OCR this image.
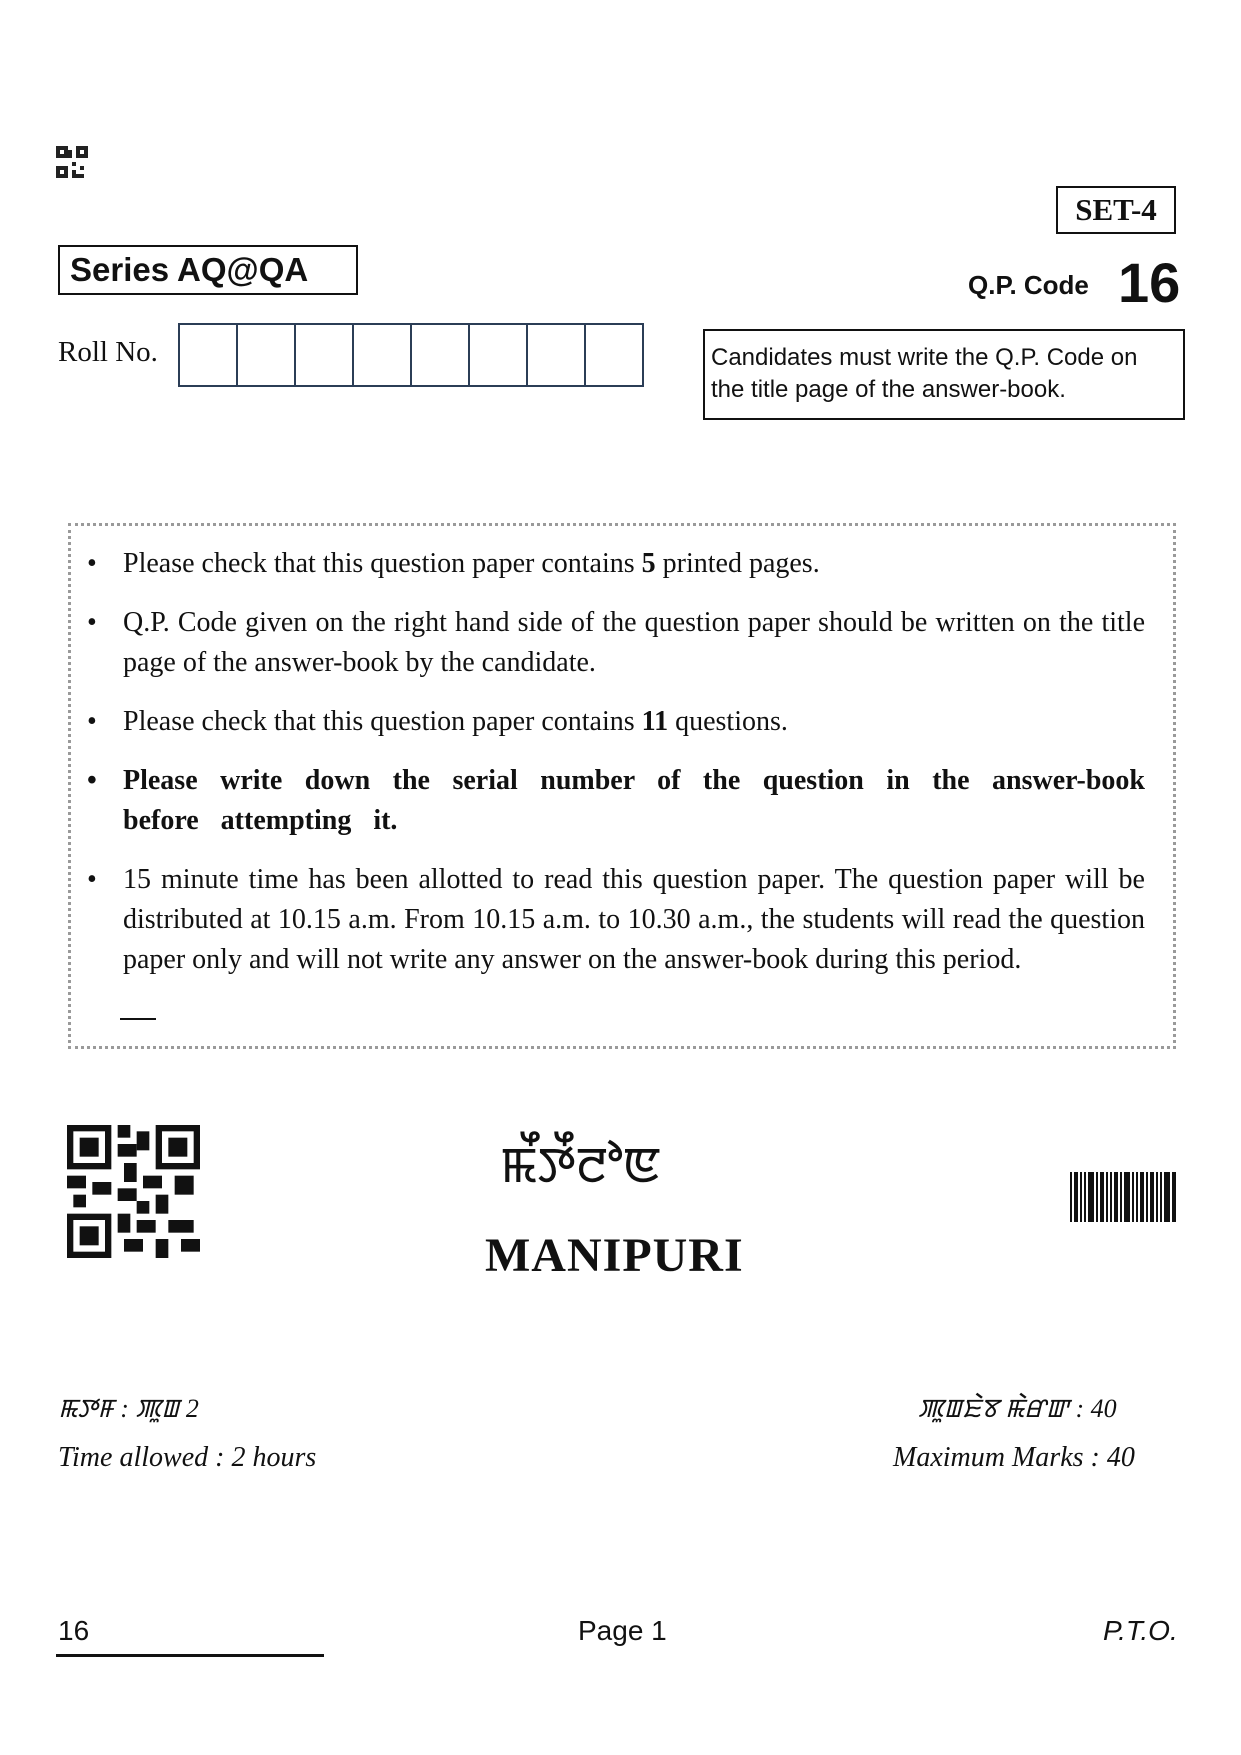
SET-4
Series AQ@QA	Q.P. Code 16
Roll No.	Candidates must write the Q.P. Code on the title page of the answer-book.
• Please check that this question paper contains 5 printed pages.
• Q.P. Code given on the right hand side of the question paper should be written on the title page of the answer-book by the candidate.
• Please check that this question paper contains 11 questions.
• Please write down the serial number of the question in the answer-book before attempting it.
• 15 minute time has been allotted to read this question paper. The question paper will be distributed at 10.15 a.m. From 10.15 a.m. to 10.30 a.m., the students will read the question paper only and will not write any answer on the answer-book during this period.
ꯃꯩꯇꯩꯂꯣꯟ
MANIPURI
ꯃꯇꯝ : ꯄꯨꯡ 2	ꯄꯨꯡꯐꯥꯕ ꯃꯥꯔꯛ : 40
Time allowed : 2 hours	Maximum Marks : 40
16	Page 1	P.T.O.
